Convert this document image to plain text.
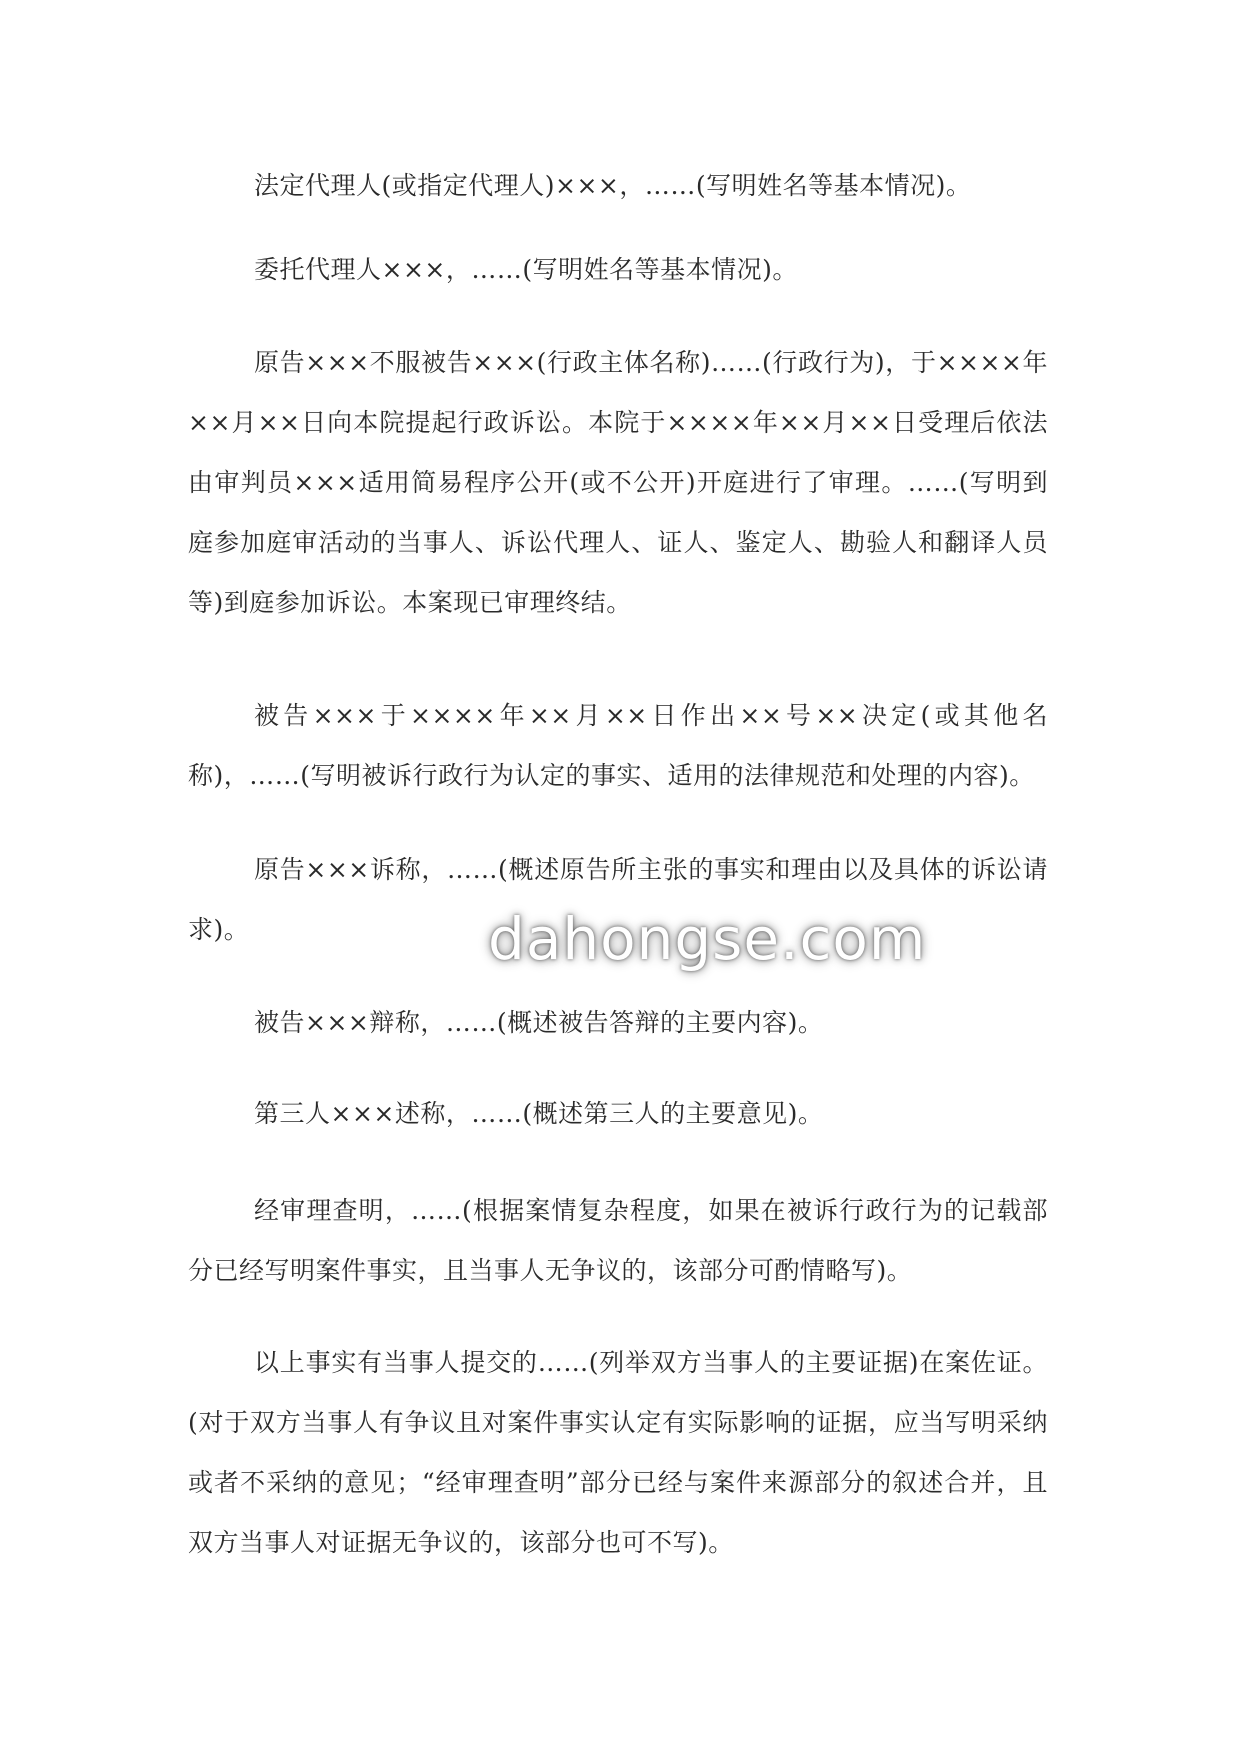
法定代理人(或指定代理人)×××，……(写明姓名等基本情况)。

委托代理人×××，……(写明姓名等基本情况)。

原告×××不服被告×××(行政主体名称)……(行政行为)，于××××年××月××日向本院提起行政诉讼。本院于××××年××月××日受理后依法由审判员×××适用简易程序公开(或不公开)开庭进行了审理。……(写明到庭参加庭审活动的当事人、诉讼代理人、证人、鉴定人、勘验人和翻译人员等)到庭参加诉讼。本案现已审理终结。

被告×××于××××年××月××日作出××号××决定(或其他名称)，……(写明被诉行政行为认定的事实、适用的法律规范和处理的内容)。

原告×××诉称，……(概述原告所主张的事实和理由以及具体的诉讼请求)。

被告×××辩称，……(概述被告答辩的主要内容)。

第三人×××述称，……(概述第三人的主要意见)。

经审理查明，……(根据案情复杂程度，如果在被诉行政行为的记载部分已经写明案件事实，且当事人无争议的，该部分可酌情略写)。

以上事实有当事人提交的……(列举双方当事人的主要证据)在案佐证。(对于双方当事人有争议且对案件事实认定有实际影响的证据，应当写明采纳或者不采纳的意见；“经审理查明”部分已经与案件来源部分的叙述合并，且双方当事人对证据无争议的，该部分也可不写)。

dahongse.com
